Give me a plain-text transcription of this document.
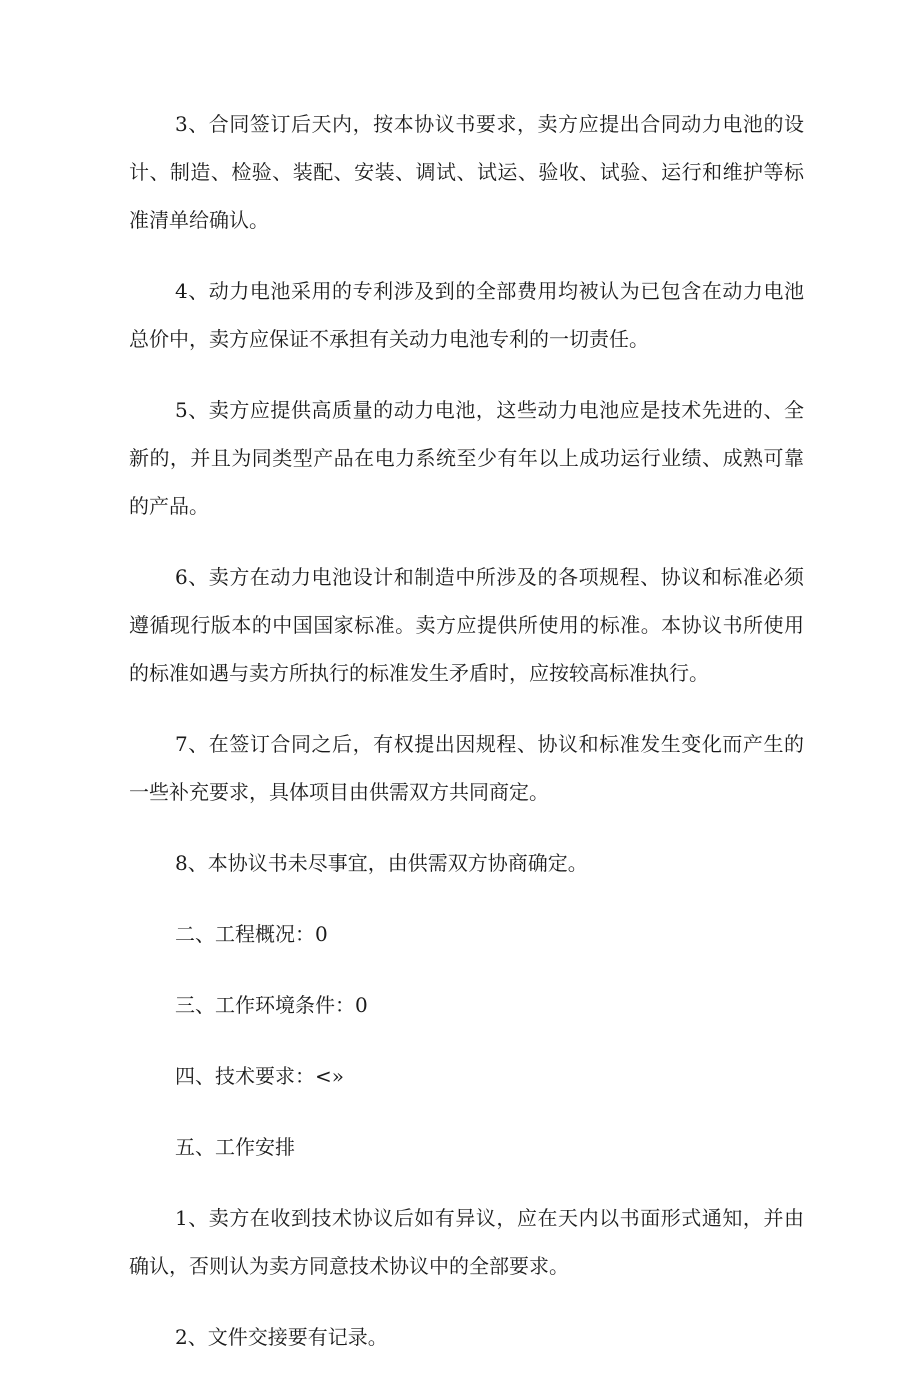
3、合同签订后天内，按本协议书要求，卖方应提出合同动力电池的设计、制造、检验、装配、安装、调试、试运、验收、试验、运行和维护等标准清单给确认。

4、动力电池采用的专利涉及到的全部费用均被认为已包含在动力电池总价中，卖方应保证不承担有关动力电池专利的一切责任。

5、卖方应提供高质量的动力电池，这些动力电池应是技术先进的、全新的，并且为同类型产品在电力系统至少有年以上成功运行业绩、成熟可靠的产品。

6、卖方在动力电池设计和制造中所涉及的各项规程、协议和标准必须遵循现行版本的中国国家标准。卖方应提供所使用的标准。本协议书所使用的标准如遇与卖方所执行的标准发生矛盾时，应按较高标准执行。

7、在签订合同之后，有权提出因规程、协议和标准发生变化而产生的一些补充要求，具体项目由供需双方共同商定。

8、本协议书未尽事宜，由供需双方协商确定。

二、工程概况：0

三、工作环境条件：0

四、技术要求：<»

五、工作安排

1、卖方在收到技术协议后如有异议，应在天内以书面形式通知，并由确认，否则认为卖方同意技术协议中的全部要求。

2、文件交接要有记录。
